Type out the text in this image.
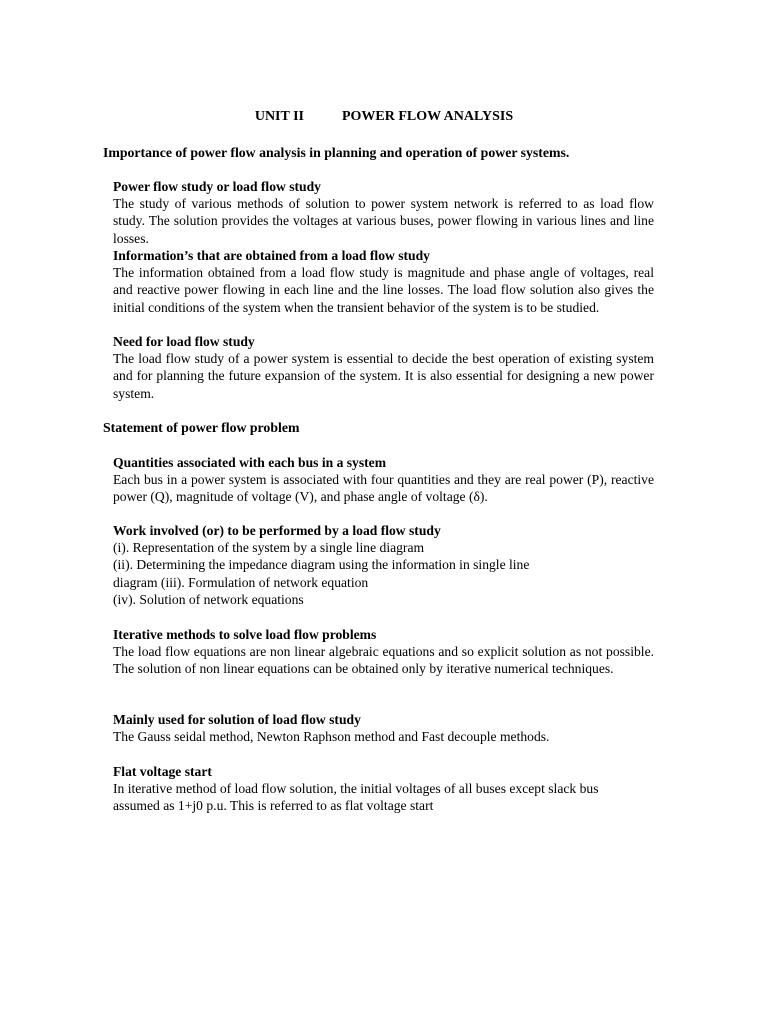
UNIT II	POWER FLOW ANALYSIS
Importance of power flow analysis in planning and operation of power systems.
Power flow study or load flow study
The study of various methods of solution to power system network is referred to as load flow study. The solution provides the voltages at various buses, power flowing in various lines and line losses.
Information’s that are obtained from a load flow study
The information obtained from a load flow study is magnitude and phase angle of voltages, real and reactive power flowing in each line and the line losses. The load flow solution also gives the initial conditions of the system when the transient behavior of the system is to be studied.
Need for load flow study
The load flow study of a power system is essential to decide the best operation of existing system and for planning the future expansion of the system. It is also essential for designing a new power system.
Statement of power flow problem
Quantities associated with each bus in a system
Each bus in a power system is associated with four quantities and they are real power (P), reactive power (Q), magnitude of voltage (V), and phase angle of voltage (δ).
Work involved (or) to be performed by a load flow study
(i). Representation of the system by a single line diagram
(ii). Determining the impedance diagram using the information in single line
diagram (iii). Formulation of network equation
(iv). Solution of network equations
Iterative methods to solve load flow problems
The load flow equations are non linear algebraic equations and so explicit solution as not possible. The solution of non linear equations can be obtained only by iterative numerical techniques.
Mainly used for solution of load flow study
The Gauss seidal method, Newton Raphson method and Fast decouple methods.
Flat voltage start
In iterative method of load flow solution, the initial voltages of all buses except slack bus
assumed as 1+j0 p.u. This is referred to as flat voltage start
